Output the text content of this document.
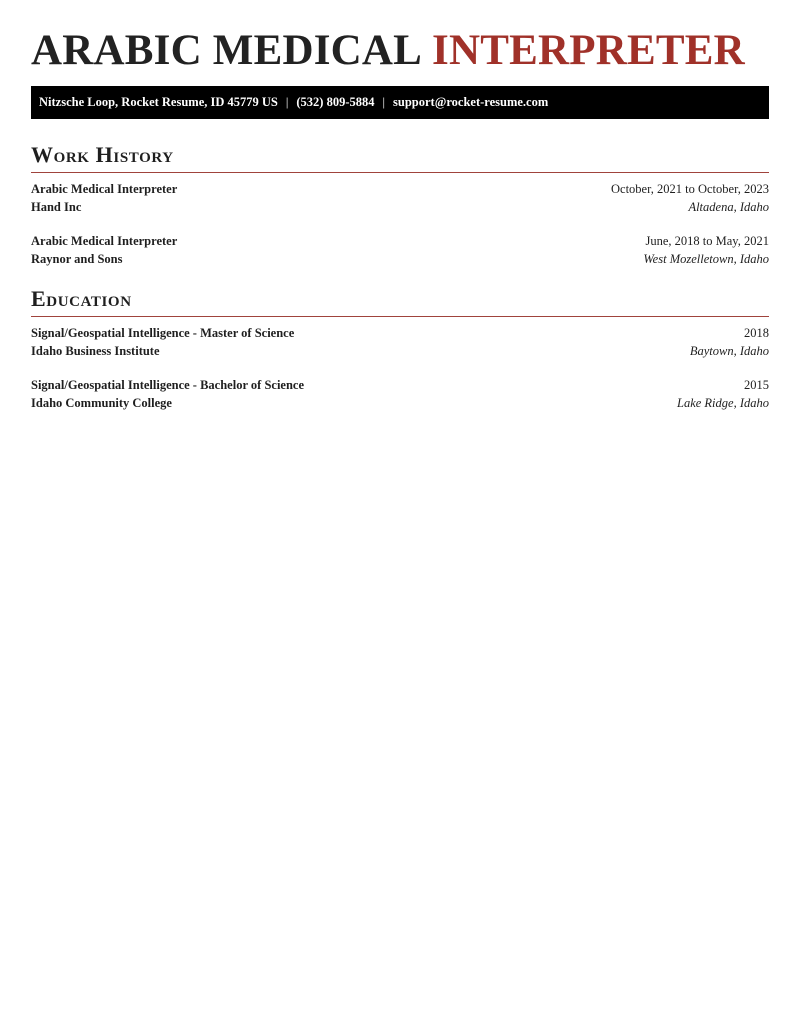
ARABIC MEDICAL INTERPRETER
Nitzsche Loop, Rocket Resume, ID 45779 US | (532) 809-5884 | support@rocket-resume.com
Work History
Arabic Medical Interpreter	October, 2021 to October, 2023
Hand Inc	Altadena, Idaho
Arabic Medical Interpreter	June, 2018 to May, 2021
Raynor and Sons	West Mozelletown, Idaho
Education
Signal/Geospatial Intelligence - Master of Science	2018
Idaho Business Institute	Baytown, Idaho
Signal/Geospatial Intelligence - Bachelor of Science	2015
Idaho Community College	Lake Ridge, Idaho
